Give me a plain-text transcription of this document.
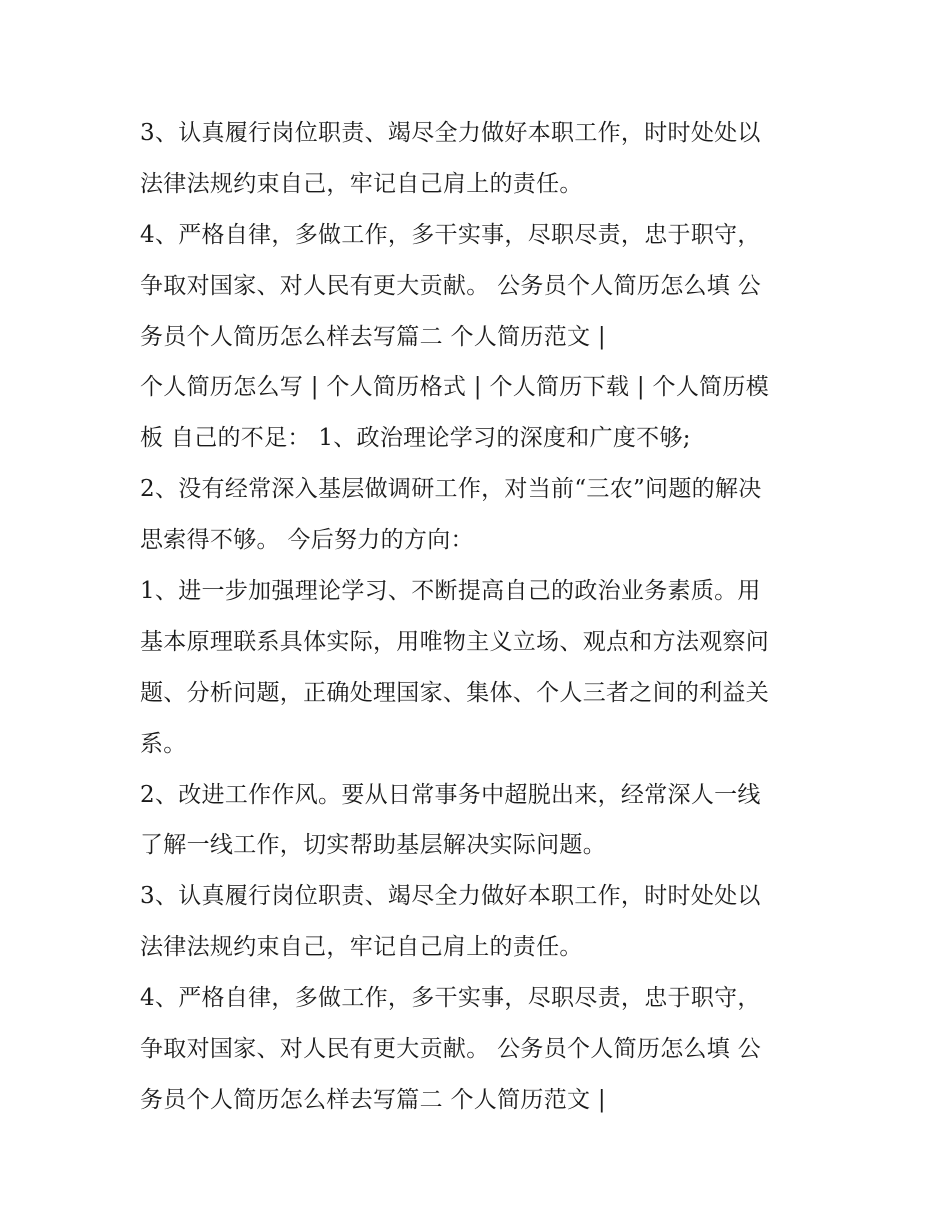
3、认真履行岗位职责、竭尽全力做好本职工作，时时处处以
法律法规约束自己，牢记自己肩上的责任。
4、严格自律，多做工作，多干实事，尽职尽责，忠于职守，
争取对国家、对人民有更大贡献。 公务员个人简历怎么填 公
务员个人简历怎么样去写篇二 个人简历范文 |
个人简历怎么写 | 个人简历格式 | 个人简历下载 | 个人简历模
板 自己的不足： 1、政治理论学习的深度和广度不够;
2、没有经常深入基层做调研工作，对当前“三农”问题的解决
思索得不够。 今后努力的方向：
1、进一步加强理论学习、不断提高自己的政治业务素质。用
基本原理联系具体实际，用唯物主义立场、观点和方法观察问
题、分析问题，正确处理国家、集体、个人三者之间的利益关
系。
2、改进工作作风。要从日常事务中超脱出来，经常深人一线
了解一线工作，切实帮助基层解决实际问题。
3、认真履行岗位职责、竭尽全力做好本职工作，时时处处以
法律法规约束自己，牢记自己肩上的责任。
4、严格自律，多做工作，多干实事，尽职尽责，忠于职守，
争取对国家、对人民有更大贡献。 公务员个人简历怎么填 公
务员个人简历怎么样去写篇二 个人简历范文 |
